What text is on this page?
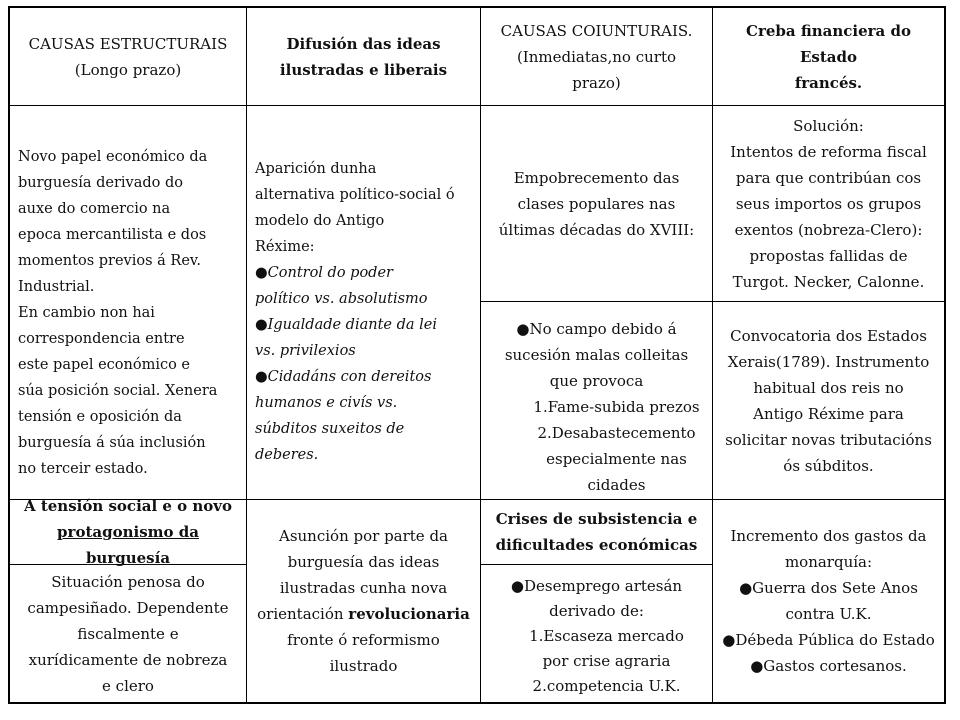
CAUSAS ESTRUCTURAIS

(Longo prazo)

Difusión das ideas

ilustradas e liberais

CAUSAS COIUNTURAIS.

(Inmediatas,no curto

prazo)

Creba financiera do Estado

francés.

Novo papel económico da

burguesía derivado do

auxe do comercio na

epoca mercantilista e dos

momentos previos á Rev.

Industrial.

En cambio non hai

correspondencia entre

este papel económico e

súa posición social. Xenera

tensión e oposición da

burguesía á súa inclusión

no terceir estado.

Aparición dunha

alternativa político-social ó

modelo do Antigo

Réxime:

●Control do poder

político vs. absolutismo

●Igualdade diante da lei

vs. privilexios

●Cidadáns con dereitos

humanos e civís vs.

súbditos suxeitos de

deberes.

Empobrecemento das

clases populares nas

últimas décadas do XVIII:

Solución:

Intentos de reforma fiscal

para que contribúan cos

seus importos os grupos

exentos (nobreza-Clero):

propostas fallidas de

Turgot. Necker, Calonne.

●No campo debido á

sucesión malas colleitas

que provoca

1.Fame-subida prezos

2.Desabastecemento

especialmente nas

cidades

Convocatoria dos Estados

Xerais(1789). Instrumento

habitual dos reis no

Antigo Réxime para

solicitar novas tributacións

ós súbditos.

A tensión social e o novo

protagonismo da burguesía

Situación penosa do

campesiñado. Dependente

fiscalmente e

xurídicamente de nobreza

e clero

Asunción por parte da

burguesía das ideas

ilustradas cunha nova

orientación revolucionaria

fronte ó reformismo

ilustrado

Crises de subsistencia e

dificultades económicas

●Desemprego artesán

derivado de:

1.Escaseza mercado

por crise agraria

2.competencia U.K.

Incremento dos gastos da

monarquía:

●Guerra dos Sete Anos

contra U.K.

●Débeda Pública do Estado

●Gastos cortesanos.
